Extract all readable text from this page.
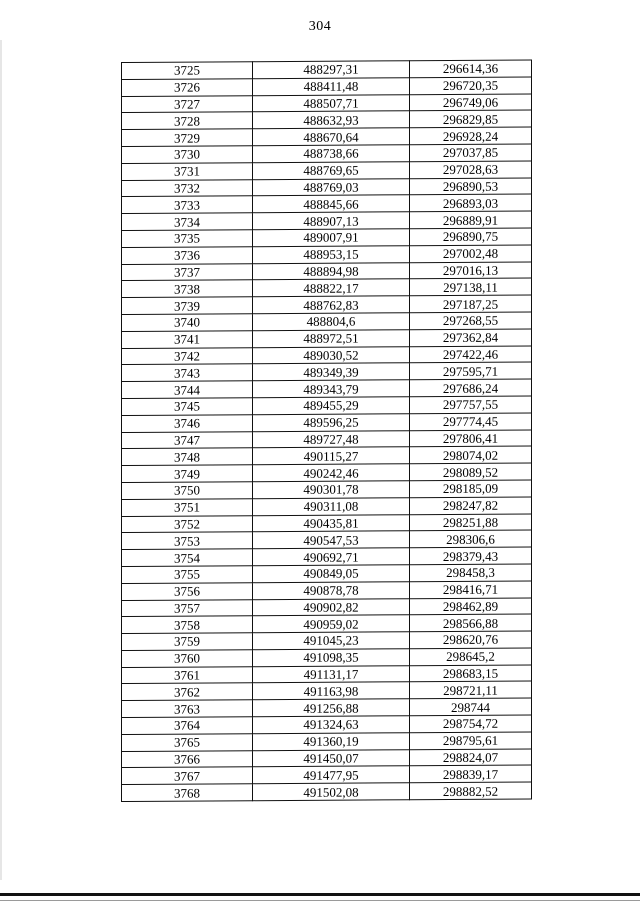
304
3725	488297,31	296614,36
3726	488411,48	296720,35
3727	488507,71	296749,06
3728	488632,93	296829,85
3729	488670,64	296928,24
3730	488738,66	297037,85
3731	488769,65	297028,63
3732	488769,03	296890,53
3733	488845,66	296893,03
3734	488907,13	296889,91
3735	489007,91	296890,75
3736	488953,15	297002,48
3737	488894,98	297016,13
3738	488822,17	297138,11
3739	488762,83	297187,25
3740	488804,6	297268,55
3741	488972,51	297362,84
3742	489030,52	297422,46
3743	489349,39	297595,71
3744	489343,79	297686,24
3745	489455,29	297757,55
3746	489596,25	297774,45
3747	489727,48	297806,41
3748	490115,27	298074,02
3749	490242,46	298089,52
3750	490301,78	298185,09
3751	490311,08	298247,82
3752	490435,81	298251,88
3753	490547,53	298306,6
3754	490692,71	298379,43
3755	490849,05	298458,3
3756	490878,78	298416,71
3757	490902,82	298462,89
3758	490959,02	298566,88
3759	491045,23	298620,76
3760	491098,35	298645,2
3761	491131,17	298683,15
3762	491163,98	298721,11
3763	491256,88	298744
3764	491324,63	298754,72
3765	491360,19	298795,61
3766	491450,07	298824,07
3767	491477,95	298839,17
3768	491502,08	298882,52
